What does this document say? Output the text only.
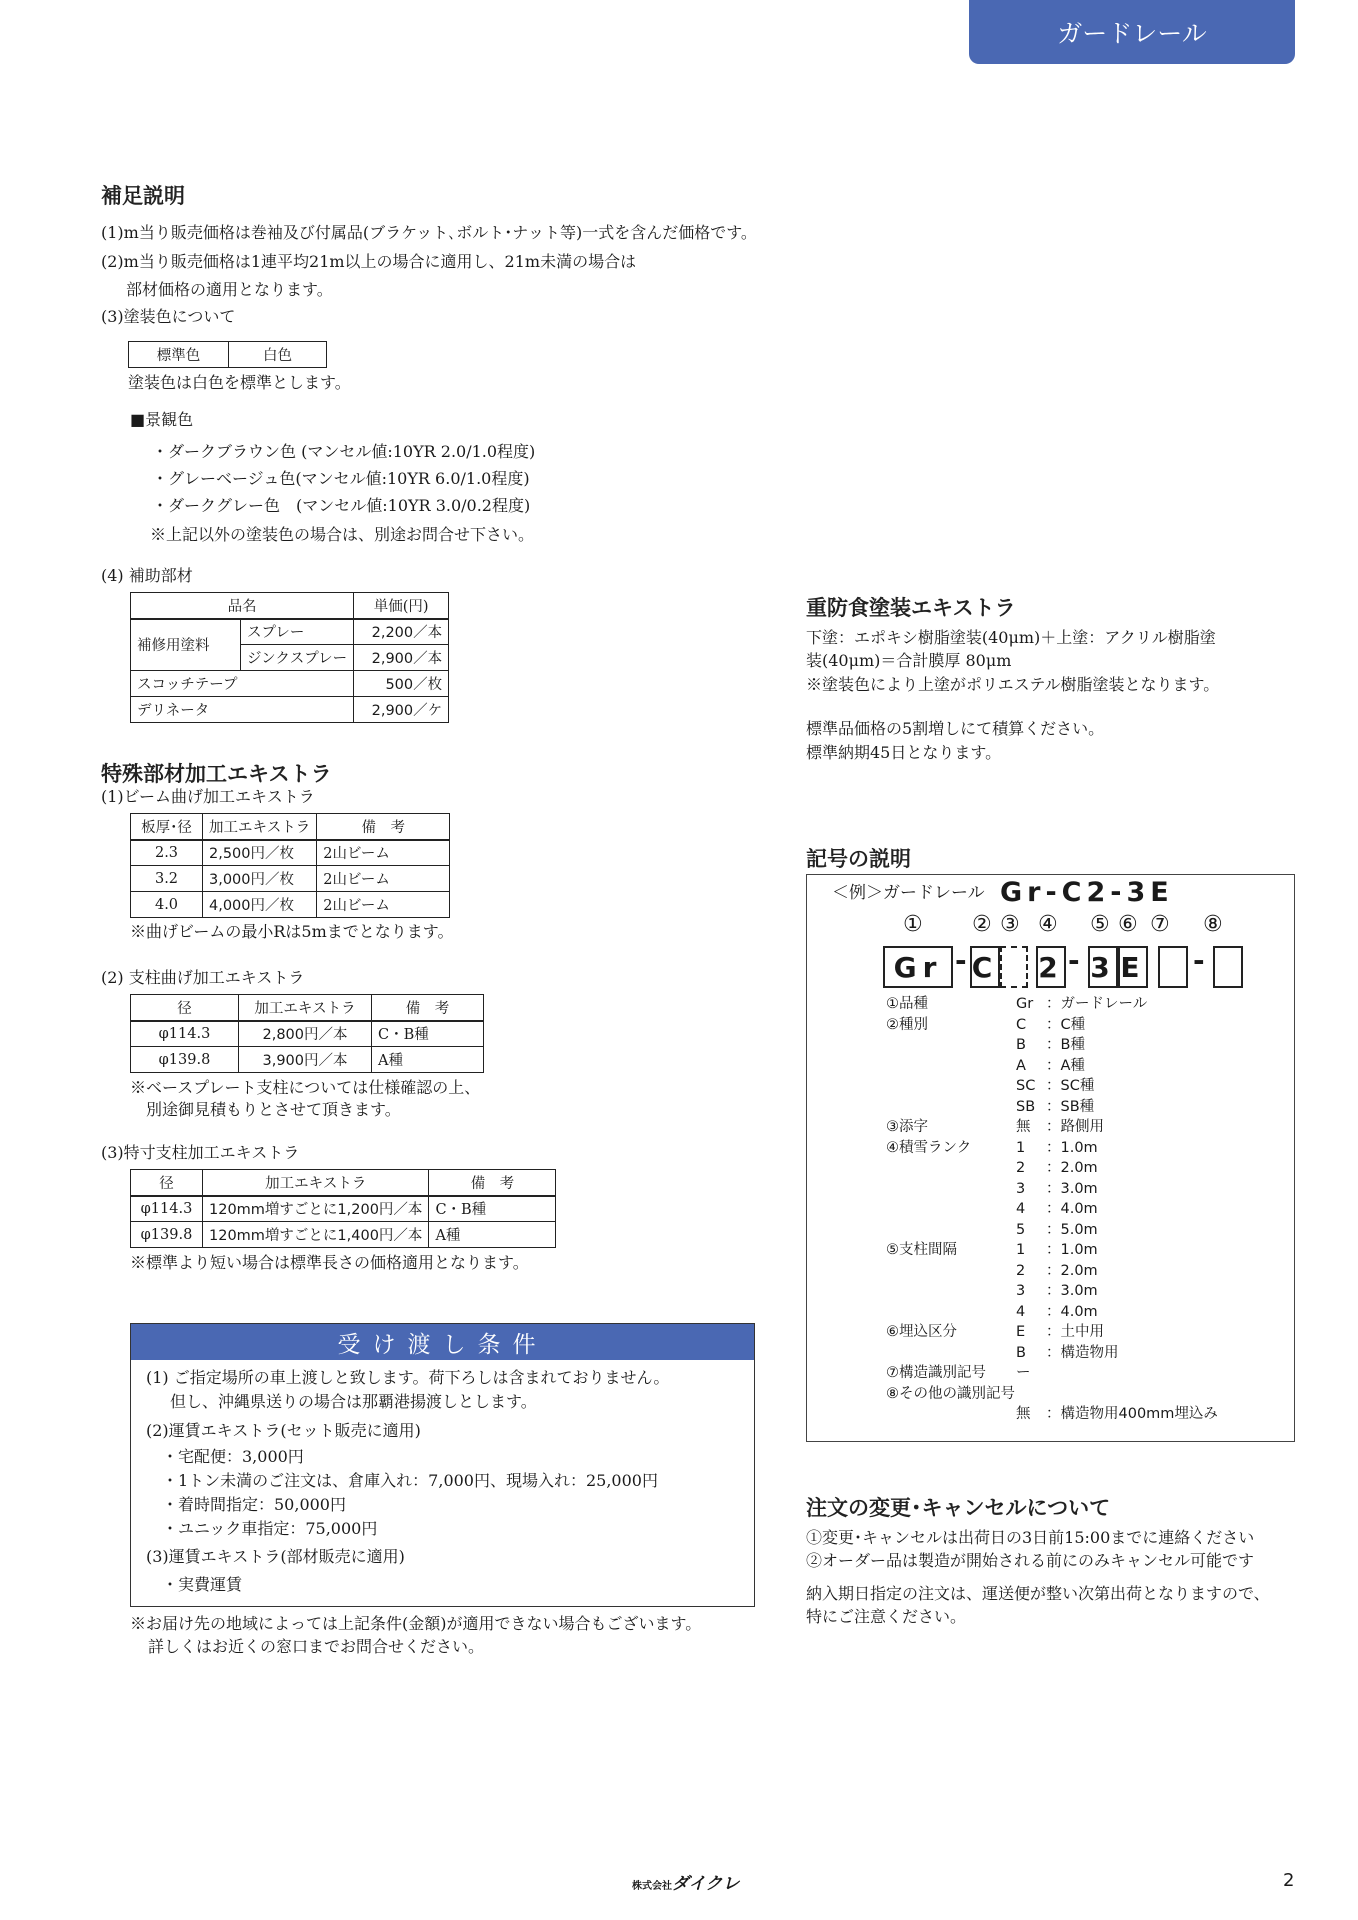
ガードレール
補足説明
(1)m当り販売価格は巻袖及び付属品(ブラケット､ボルト･ナット等)一式を含んだ価格です。
(2)m当り販売価格は1連平均21m以上の場合に適用し、21m未満の場合は
部材価格の適用となります。
(3)塗装色について
標準色	白色
塗装色は白色を標準とします。
■景観色
・ダークブラウン色 (マンセル値:10YR 2.0/1.0程度)
・グレーベージュ色(マンセル値:10YR 6.0/1.0程度)
・ダークグレー色　(マンセル値:10YR 3.0/0.2程度)
※上記以外の塗装色の場合は、別途お問合せ下さい。
(4) 補助部材
品名		単価(円)
補修用塗料	スプレー	2,200／本
	ジンクスプレー	2,900／本
スコッチテープ		500／枚
デリネータ		2,900／ケ
特殊部材加工エキストラ
(1)ビーム曲げ加工エキストラ
板厚･径	加工エキストラ	備　考
2.3	2,500円／枚	2山ビーム
3.2	3,000円／枚	2山ビーム
4.0	4,000円／枚	2山ビーム
※曲げビームの最小Rは5mまでとなります。
(2) 支柱曲げ加工エキストラ
径	加工エキストラ	備　考
φ114.3	2,800円／本	C・B種
φ139.8	3,900円／本	A種
※ベースプレート支柱については仕様確認の上、
別途御見積もりとさせて頂きます。
(3)特寸支柱加工エキストラ
径	加工エキストラ	備　考
φ114.3	120mm増すごとに1,200円／本	C・B種
φ139.8	120mm増すごとに1,400円／本	A種
※標準より短い場合は標準長さの価格適用となります。
受け渡し条件
(1) ご指定場所の車上渡しと致します。荷下ろしは含まれておりません。
但し、沖縄県送りの場合は那覇港揚渡しとします。
(2)運賃エキストラ(セット販売に適用)
・宅配便：3,000円
・1トン未満のご注文は、倉庫入れ：7,000円、現場入れ：25,000円
・着時間指定：50,000円
・ユニック車指定：75,000円
(3)運賃エキストラ(部材販売に適用)
・実費運賃
※お届け先の地域によっては上記条件(金額)が適用できない場合もございます。
詳しくはお近くの窓口までお問合せください。
重防食塗装エキストラ
下塗：エポキシ樹脂塗装(40μm)＋上塗：アクリル樹脂塗
装(40μm)＝合計膜厚 80μm
※塗装色により上塗がポリエステル樹脂塗装となります。
標準品価格の5割増しにて積算ください。
標準納期45日となります。
記号の説明
＜例＞ガードレール Gr-C2-3E
① ② ③ ④ ⑤ ⑥ ⑦ ⑧
Gr - C 2 - 3 E -
①品種	Gr ：ガードレール
②種別	C ：C種
B ：B種
A ：A種
SC ：SC種
SB ：SB種
③添字	無 ：路側用
④積雪ランク	1 ：1.0m
2 ：2.0m
3 ：3.0m
4 ：4.0m
5 ：5.0m
⑤支柱間隔	1 ：1.0m
2 ：2.0m
3 ：3.0m
4 ：4.0m
⑥埋込区分	E ：土中用
B ：構造物用
⑦構造識別記号 ー
⑧その他の識別記号
無 ：構造物用400mm埋込み
注文の変更･キャンセルについて
①変更･キャンセルは出荷日の3日前15:00までに連絡ください
②オーダー品は製造が開始される前にのみキャンセル可能です
納入期日指定の注文は、運送便が整い次第出荷となりますので、
特にご注意ください。
株式会社ダイクレ	2
